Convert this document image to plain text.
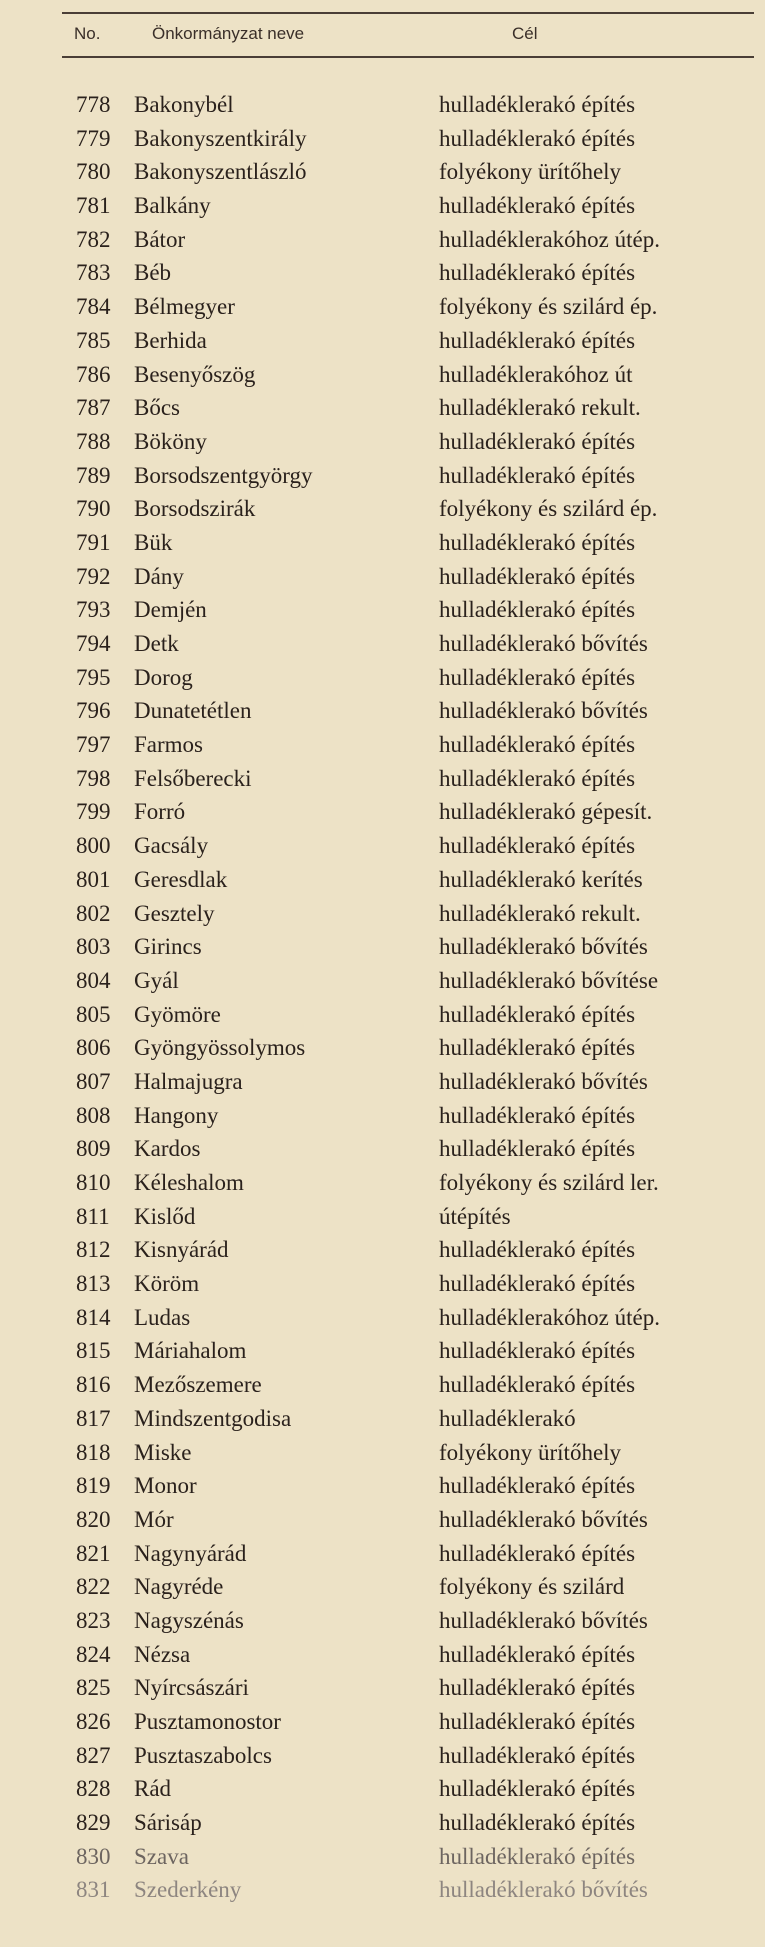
No.	Önkormányzat neve	Cél
778 Bakonybél	hulladéklerakó építés
779 Bakonyszentkirály	hulladéklerakó építés
780 Bakonyszentlászló	folyékony ürítőhely
781 Balkány	hulladéklerakó építés
782 Bátor	hulladéklerakóhoz útép.
783 Béb	hulladéklerakó építés
784 Bélmegyer	folyékony és szilárd ép.
785 Berhida	hulladéklerakó építés
786 Besenyőszög	hulladéklerakóhoz út
787 Bőcs	hulladéklerakó rekult.
788 Bököny	hulladéklerakó építés
789 Borsodszentgyörgy	hulladéklerakó építés
790 Borsodszirák	folyékony és szilárd ép.
791 Bük	hulladéklerakó építés
792 Dány	hulladéklerakó építés
793 Demjén	hulladéklerakó építés
794 Detk	hulladéklerakó bővítés
795 Dorog	hulladéklerakó építés
796 Dunatetétlen	hulladéklerakó bővítés
797 Farmos	hulladéklerakó építés
798 Felsőberecki	hulladéklerakó építés
799 Forró	hulladéklerakó gépesít.
800 Gacsály	hulladéklerakó építés
801 Geresdlak	hulladéklerakó kerítés
802 Gesztely	hulladéklerakó rekult.
803 Girincs	hulladéklerakó bővítés
804 Gyál	hulladéklerakó bővítése
805 Gyömöre	hulladéklerakó építés
806 Gyöngyössolymos	hulladéklerakó építés
807 Halmajugra	hulladéklerakó bővítés
808 Hangony	hulladéklerakó építés
809 Kardos	hulladéklerakó építés
810 Kéleshalom	folyékony és szilárd ler.
811 Kislőd	útépítés
812 Kisnyárád	hulladéklerakó építés
813 Köröm	hulladéklerakó építés
814 Ludas	hulladéklerakóhoz útép.
815 Máriahalom	hulladéklerakó építés
816 Mezőszemere	hulladéklerakó építés
817 Mindszentgodisa	hulladéklerakó
818 Miske	folyékony ürítőhely
819 Monor	hulladéklerakó építés
820 Mór	hulladéklerakó bővítés
821 Nagynyárád	hulladéklerakó építés
822 Nagyréde	folyékony és szilárd
823 Nagyszénás	hulladéklerakó bővítés
824 Nézsa	hulladéklerakó építés
825 Nyírcsászári	hulladéklerakó építés
826 Pusztamonostor	hulladéklerakó építés
827 Pusztaszabolcs	hulladéklerakó építés
828 Rád	hulladéklerakó építés
829 Sárisáp	hulladéklerakó építés
830 Szava	hulladéklerakó építés
831 Szederkény	hulladéklerakó bővítés
